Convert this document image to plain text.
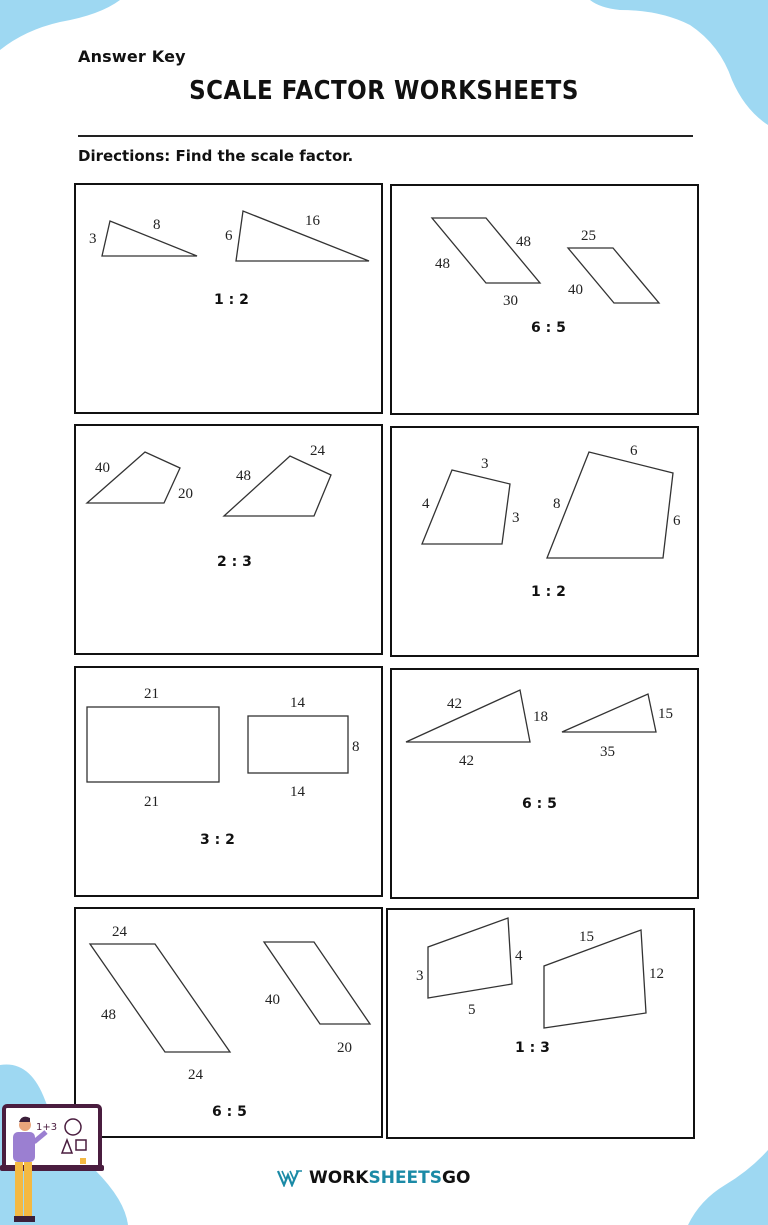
Answer Key
SCALE FACTOR WORKSHEETS
Directions: Find the scale factor.
3
8
6
16
1 : 2
48
48
30
25
40
6 : 5
40
20
48
24
2 : 3
3
4
3
6
8
6
1 : 2
21
21
14
8
14
3 : 2
42
18
42
15
35
6 : 5
24
48
24
40
20
6 : 5
4
3
5
15
12
1 : 3
1+3
WORKSHEETSGO
